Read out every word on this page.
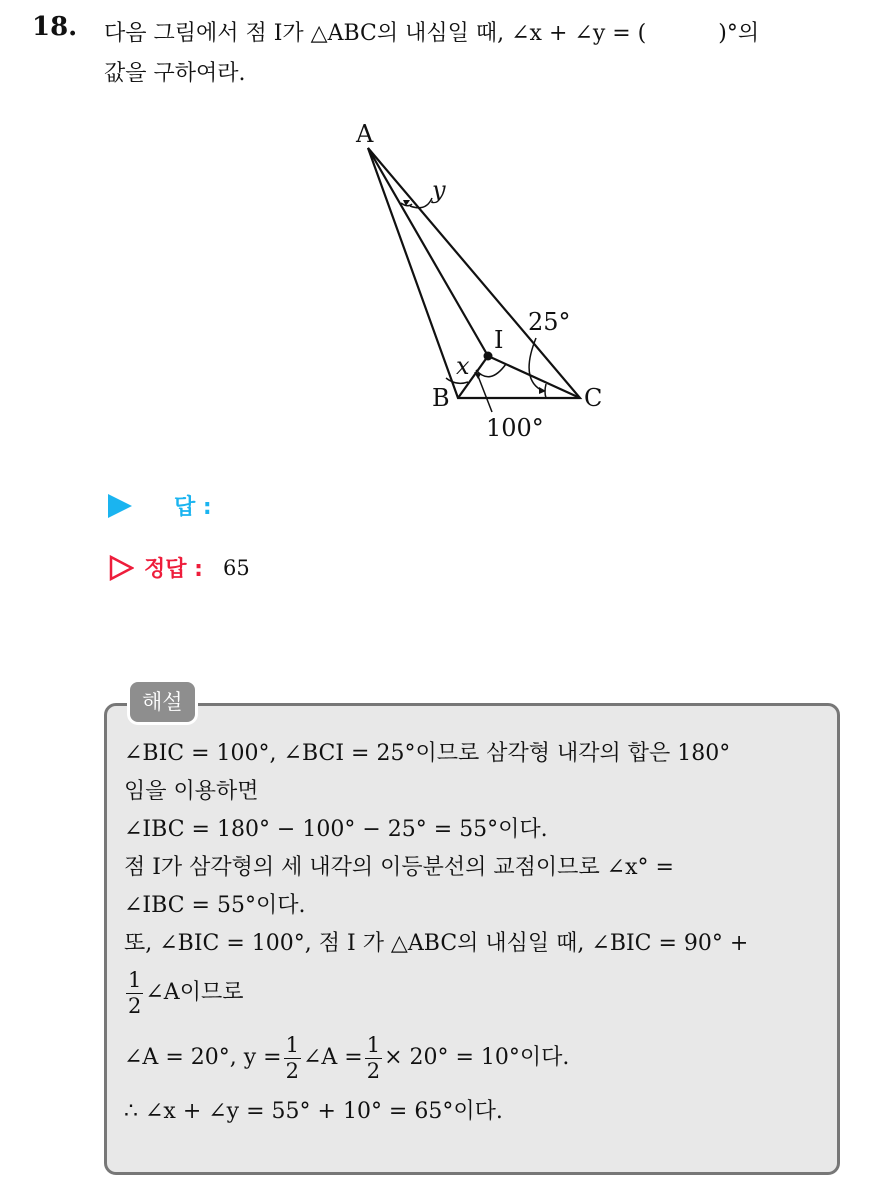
18. 다음 그림에서 점 I가 △ABC의 내심일 때, ∠x + ∠y = (	)°의
값을 구하여라.
A
B	C
I
x
y
25°
100°
답 :
정답 : 65
해설
∠BIC = 100°, ∠BCI = 25°이므로 삼각형 내각의 합은 180°
임을 이용하면
∠IBC = 180° − 100° − 25° = 55°이다.
점 I가 삼각형의 세 내각의 이등분선의 교점이므로 ∠x° =
∠IBC = 55°이다.
또, ∠BIC = 100°, 점 I 가 △ABC의 내심일 때, ∠BIC = 90° +
$\frac{1}{2}$ ∠A이므로
∠A = 20°, $y = \frac{1}{2}$ ∠A = $\frac{1}{2} \times 20^\circ = 10^\circ$이다.
∴ ∠x + ∠y = 55° + 10° = 65°이다.
